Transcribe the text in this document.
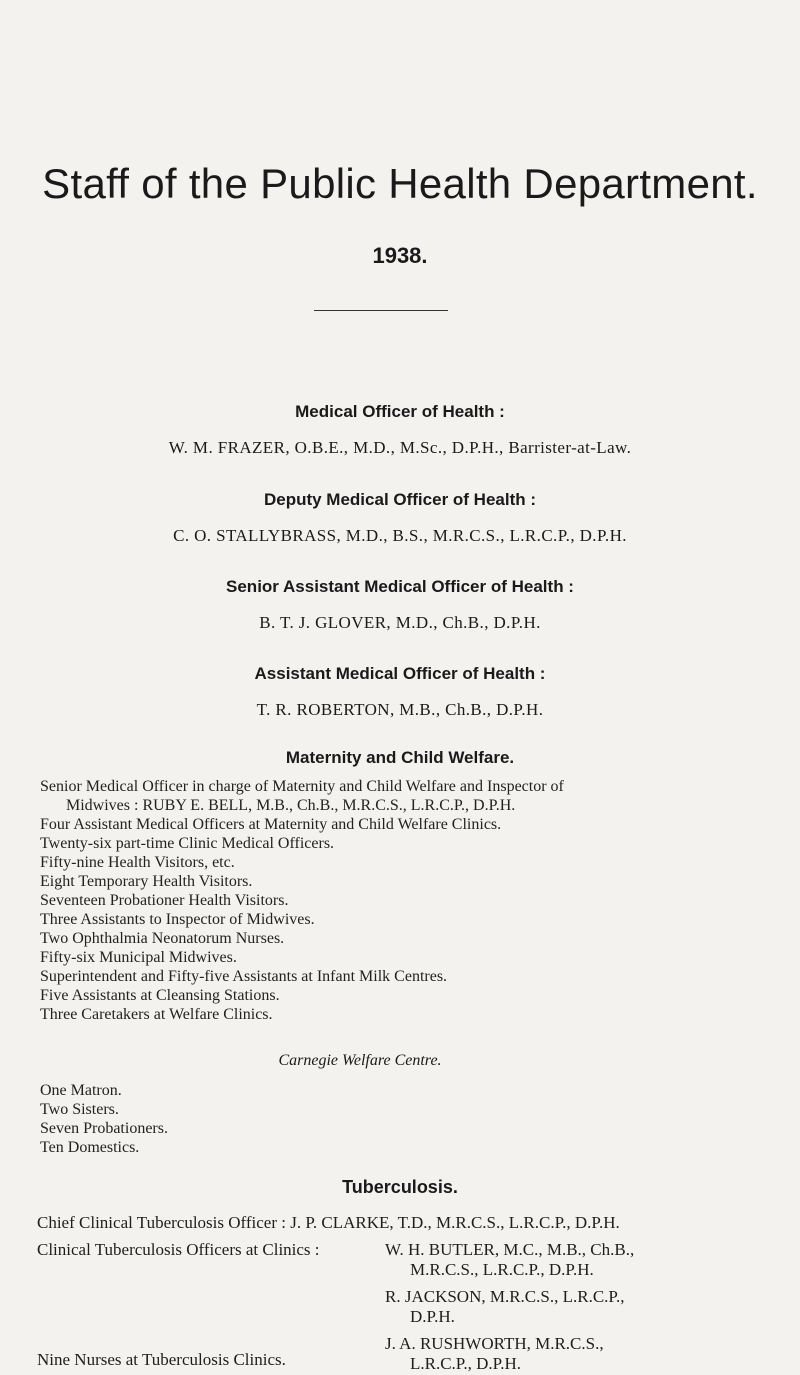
Staff of the Public Health Department.
1938.
Medical Officer of Health :
W. M. FRAZER, O.B.E., M.D., M.Sc., D.P.H., Barrister-at-Law.
Deputy Medical Officer of Health :
C. O. STALLYBRASS, M.D., B.S., M.R.C.S., L.R.C.P., D.P.H.
Senior Assistant Medical Officer of Health :
B. T. J. GLOVER, M.D., Ch.B., D.P.H.
Assistant Medical Officer of Health :
T. R. ROBERTON, M.B., Ch.B., D.P.H.
Maternity and Child Welfare.
Senior Medical Officer in charge of Maternity and Child Welfare and Inspector of
Midwives : RUBY E. BELL, M.B., Ch.B., M.R.C.S., L.R.C.P., D.P.H.
Four Assistant Medical Officers at Maternity and Child Welfare Clinics.
Twenty-six part-time Clinic Medical Officers.
Fifty-nine Health Visitors, etc.
Eight Temporary Health Visitors.
Seventeen Probationer Health Visitors.
Three Assistants to Inspector of Midwives.
Two Ophthalmia Neonatorum Nurses.
Fifty-six Municipal Midwives.
Superintendent and Fifty-five Assistants at Infant Milk Centres.
Five Assistants at Cleansing Stations.
Three Caretakers at Welfare Clinics.
Carnegie Welfare Centre.
One Matron.
Two Sisters.
Seven Probationers.
Ten Domestics.
Tuberculosis.
Chief Clinical Tuberculosis Officer : J. P. CLARKE, T.D., M.R.C.S., L.R.C.P., D.P.H.
Clinical Tuberculosis Officers at Clinics :	W. H. BUTLER, M.C., M.B., Ch.B.,
M.R.C.S., L.R.C.P., D.P.H.
R. JACKSON, M.R.C.S., L.R.C.P.,
D.P.H.
J. A. RUSHWORTH, M.R.C.S.,
L.R.C.P., D.P.H.
Nine Nurses at Tuberculosis Clinics.
